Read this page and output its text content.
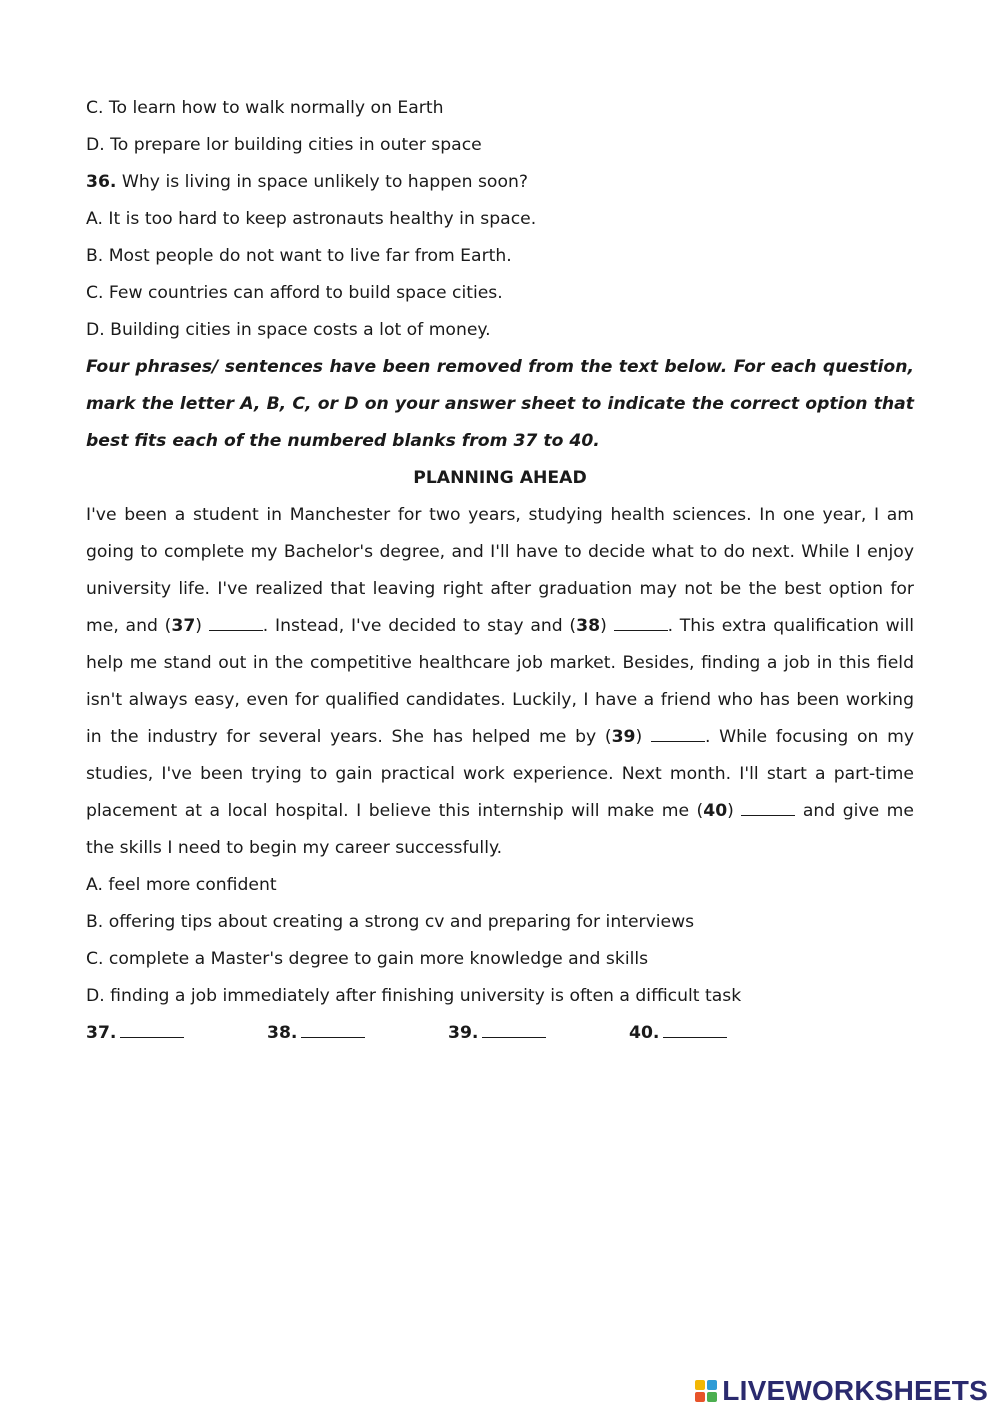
C. To learn how to walk normally on Earth
D. To prepare lor building cities in outer space
36. Why is living in space unlikely to happen soon?
A. It is too hard to keep astronauts healthy in space.
B. Most people do not want to live far from Earth.
C. Few countries can afford to build space cities.
D. Building cities in space costs a lot of money.

Four phrases/ sentences have been removed from the text below. For each question, mark the letter A, B, C, or D on your answer sheet to indicate the correct option that best fits each of the numbered blanks from 37 to 40.

PLANNING AHEAD

I've been a student in Manchester for two years, studying health sciences. In one year, I am going to complete my Bachelor's degree, and I'll have to decide what to do next. While I enjoy university life. I've realized that leaving right after graduation may not be the best option for me, and (37)	. Instead, I've decided to stay and (38)	. This extra qualification will help me stand out in the competitive healthcare job market. Besides, finding a job in this field isn't always easy, even for qualified candidates. Luckily, I have a friend who has been working in the industry for several years. She has helped me by (39)	. While focusing on my studies, I've been trying to gain practical work experience. Next month. I'll start a part-time placement at a local hospital. I believe this internship will make me (40)	and give me the skills I need to begin my career successfully.

A. feel more confident
B. offering tips about creating a strong cv and preparing for interviews
C. complete a Master's degree to gain more knowledge and skills
D. finding a job immediately after finishing university is often a difficult task
37.	38.	39.	40.
LIVEWORKSHEETS
